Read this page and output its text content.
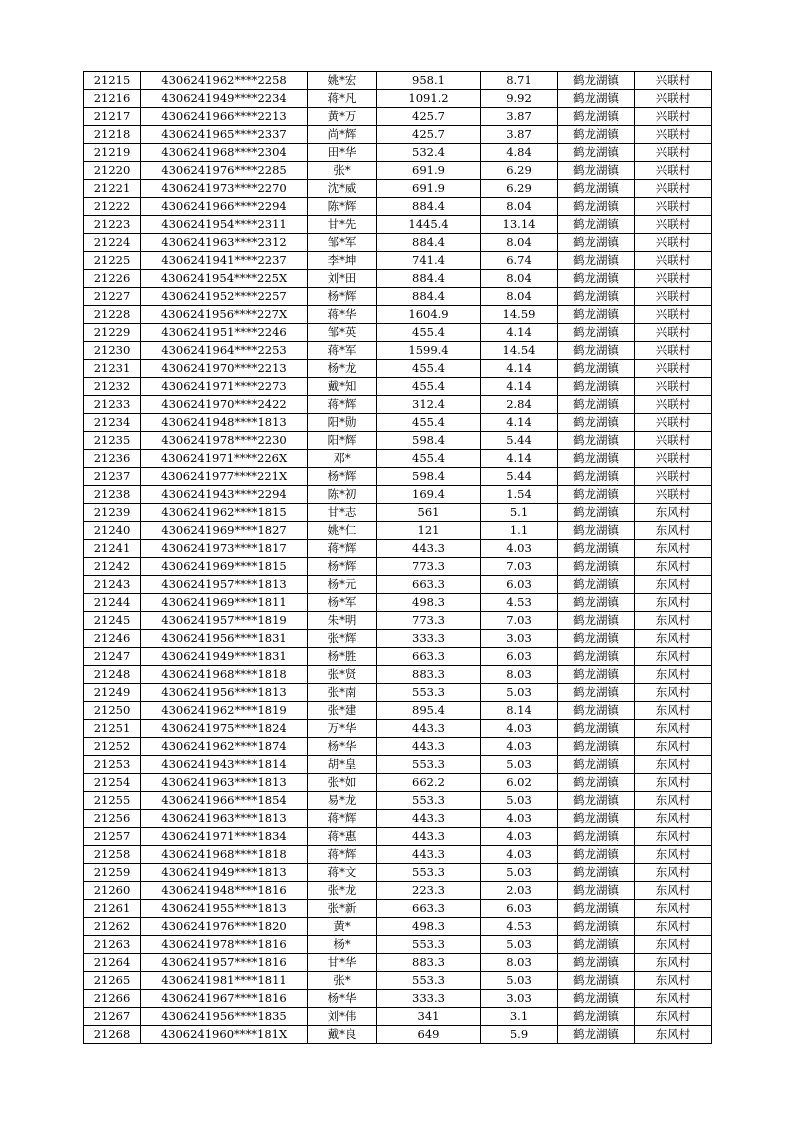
21215	4306241962****2258	姚*宏	958.1	8.71	鹤龙湖镇	兴联村
21216	4306241949****2234	蒋*凡	1091.2	9.92	鹤龙湖镇	兴联村
21217	4306241966****2213	黄*万	425.7	3.87	鹤龙湖镇	兴联村
21218	4306241965****2337	尚*辉	425.7	3.87	鹤龙湖镇	兴联村
21219	4306241968****2304	田*华	532.4	4.84	鹤龙湖镇	兴联村
21220	4306241976****2285	张*	691.9	6.29	鹤龙湖镇	兴联村
21221	4306241973****2270	沈*威	691.9	6.29	鹤龙湖镇	兴联村
21222	4306241966****2294	陈*辉	884.4	8.04	鹤龙湖镇	兴联村
21223	4306241954****2311	甘*先	1445.4	13.14	鹤龙湖镇	兴联村
21224	4306241963****2312	邹*军	884.4	8.04	鹤龙湖镇	兴联村
21225	4306241941****2237	李*坤	741.4	6.74	鹤龙湖镇	兴联村
21226	4306241954****225X	刘*田	884.4	8.04	鹤龙湖镇	兴联村
21227	4306241952****2257	杨*辉	884.4	8.04	鹤龙湖镇	兴联村
21228	4306241956****227X	蒋*华	1604.9	14.59	鹤龙湖镇	兴联村
21229	4306241951****2246	邹*英	455.4	4.14	鹤龙湖镇	兴联村
21230	4306241964****2253	蒋*军	1599.4	14.54	鹤龙湖镇	兴联村
21231	4306241970****2213	杨*龙	455.4	4.14	鹤龙湖镇	兴联村
21232	4306241971****2273	戴*知	455.4	4.14	鹤龙湖镇	兴联村
21233	4306241970****2422	蒋*辉	312.4	2.84	鹤龙湖镇	兴联村
21234	4306241948****1813	阳*勋	455.4	4.14	鹤龙湖镇	兴联村
21235	4306241978****2230	阳*辉	598.4	5.44	鹤龙湖镇	兴联村
21236	4306241971****226X	邓*	455.4	4.14	鹤龙湖镇	兴联村
21237	4306241977****221X	杨*辉	598.4	5.44	鹤龙湖镇	兴联村
21238	4306241943****2294	陈*初	169.4	1.54	鹤龙湖镇	兴联村
21239	4306241962****1815	甘*志	561	5.1	鹤龙湖镇	东风村
21240	4306241969****1827	姚*仁	121	1.1	鹤龙湖镇	东风村
21241	4306241973****1817	蒋*辉	443.3	4.03	鹤龙湖镇	东风村
21242	4306241969****1815	杨*辉	773.3	7.03	鹤龙湖镇	东风村
21243	4306241957****1813	杨*元	663.3	6.03	鹤龙湖镇	东风村
21244	4306241969****1811	杨*军	498.3	4.53	鹤龙湖镇	东风村
21245	4306241957****1819	朱*明	773.3	7.03	鹤龙湖镇	东风村
21246	4306241956****1831	张*辉	333.3	3.03	鹤龙湖镇	东风村
21247	4306241949****1831	杨*胜	663.3	6.03	鹤龙湖镇	东风村
21248	4306241968****1818	张*贤	883.3	8.03	鹤龙湖镇	东风村
21249	4306241956****1813	张*南	553.3	5.03	鹤龙湖镇	东风村
21250	4306241962****1819	张*建	895.4	8.14	鹤龙湖镇	东风村
21251	4306241975****1824	万*华	443.3	4.03	鹤龙湖镇	东风村
21252	4306241962****1874	杨*华	443.3	4.03	鹤龙湖镇	东风村
21253	4306241943****1814	胡*皇	553.3	5.03	鹤龙湖镇	东风村
21254	4306241963****1813	张*如	662.2	6.02	鹤龙湖镇	东风村
21255	4306241966****1854	易*龙	553.3	5.03	鹤龙湖镇	东风村
21256	4306241963****1813	蒋*辉	443.3	4.03	鹤龙湖镇	东风村
21257	4306241971****1834	蒋*惠	443.3	4.03	鹤龙湖镇	东风村
21258	4306241968****1818	蒋*辉	443.3	4.03	鹤龙湖镇	东风村
21259	4306241949****1813	蒋*文	553.3	5.03	鹤龙湖镇	东风村
21260	4306241948****1816	张*龙	223.3	2.03	鹤龙湖镇	东风村
21261	4306241955****1813	张*新	663.3	6.03	鹤龙湖镇	东风村
21262	4306241976****1820	黄*	498.3	4.53	鹤龙湖镇	东风村
21263	4306241978****1816	杨*	553.3	5.03	鹤龙湖镇	东风村
21264	4306241957****1816	甘*华	883.3	8.03	鹤龙湖镇	东风村
21265	4306241981****1811	张*	553.3	5.03	鹤龙湖镇	东风村
21266	4306241967****1816	杨*华	333.3	3.03	鹤龙湖镇	东风村
21267	4306241956****1835	刘*伟	341	3.1	鹤龙湖镇	东风村
21268	4306241960****181X	戴*良	649	5.9	鹤龙湖镇	东风村
